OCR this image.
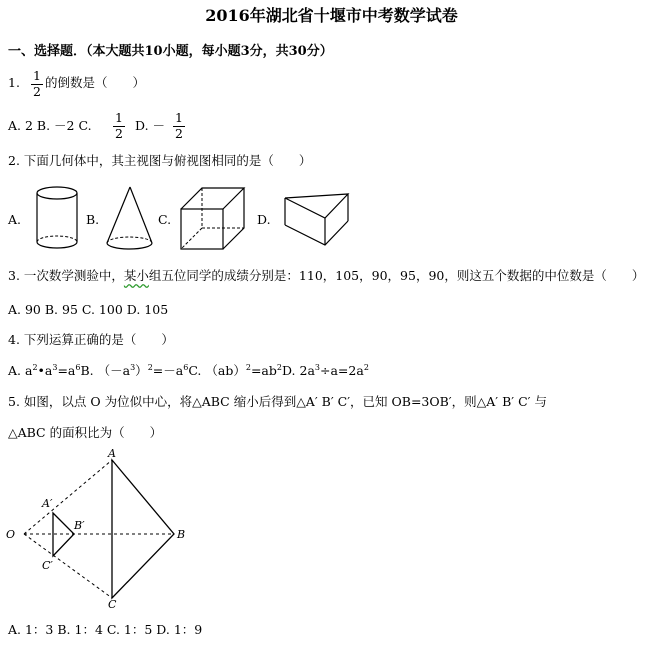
2016年湖北省十堰市中考数学试卷
一、选择题．（本大题共10小题，每小题3分，共30分）
1. $\frac{1}{2}$ 的倒数是（　　）
A. 2 B. －2 C. $\frac{1}{2} D$. － $\frac{1}{2}$
2. 下面几何体中，其主视图与俯视图相同的是（　　）
A.	B.	C.	D.
3. 一次数学测验中，某小组五位同学的成绩分别是：110，105，90，95，90，则这五个数据的中位数是（　　）
A. 90 B. 95 C. 100 D. 105
4. 下列运算正确的是（　　）
A. $a^2•a^3=a^6B$. $(-a^3)^2=-a^6C$. $(ab)^2=ab^2D$. $2a^3\div a=2a^2$
5. 如图，以点 O 为位似中心，将△ABC 缩小后得到△A′ B′ C′，已知 OB=3OB′，则△A′ B′ C′ 与
△ABC 的面积比为（　　）
O
A
B
C
A′
B′
C′
A. 1：3 B. 1：4 C. 1：5 D. 1：9
